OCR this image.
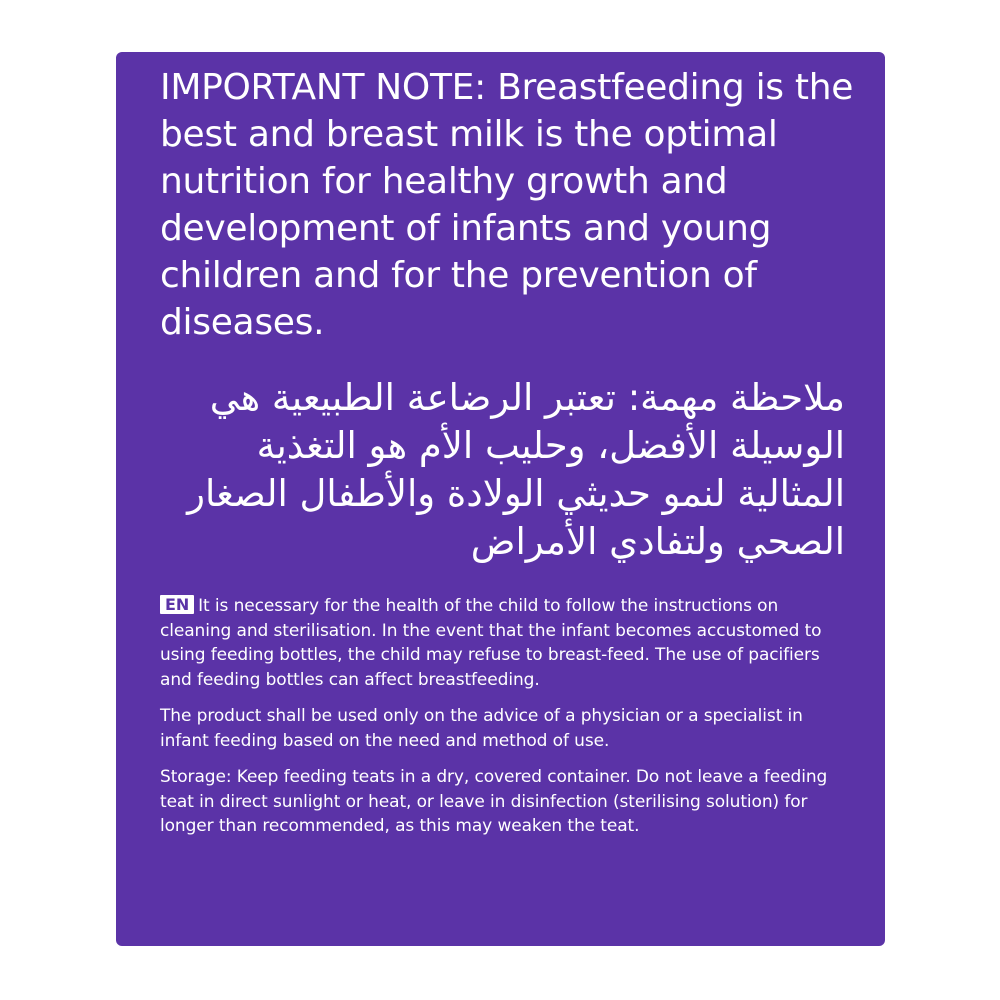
IMPORTANT NOTE: Breastfeeding is the best and breast milk is the optimal nutrition for healthy growth and development of infants and young children and for the prevention of diseases.

ملاحظة مهمة: تعتبر الرضاعة الطبيعية هي الوسيلة الأفضل، وحليب الأم هو التغذية المثالية لنمو حديثي الولادة والأطفال الصغار الصحي ولتفادي الأمراض

EN It is necessary for the health of the child to follow the instructions on cleaning and sterilisation. In the event that the infant becomes accustomed to using feeding bottles, the child may refuse to breast-feed. The use of pacifiers and feeding bottles can affect breastfeeding.

The product shall be used only on the advice of a physician or a specialist in infant feeding based on the need and method of use.

Storage: Keep feeding teats in a dry, covered container. Do not leave a feeding teat in direct sunlight or heat, or leave in disinfection (sterilising solution) for longer than recommended, as this may weaken the teat.
